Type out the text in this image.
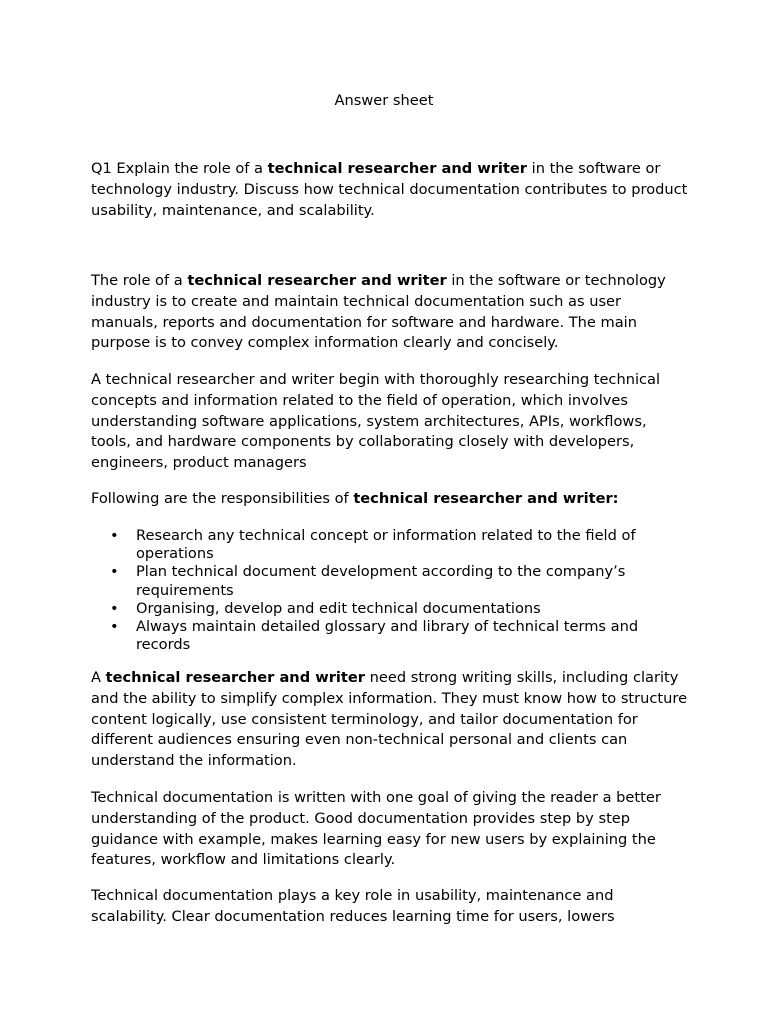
Answer sheet

Q1 Explain the role of a technical researcher and writer in the software or technology industry. Discuss how technical documentation contributes to product usability, maintenance, and scalability.

The role of a technical researcher and writer in the software or technology industry is to create and maintain technical documentation such as user manuals, reports and documentation for software and hardware. The main purpose is to convey complex information clearly and concisely.

A technical researcher and writer begin with thoroughly researching technical concepts and information related to the field of operation, which involves understanding software applications, system architectures, APIs, workflows, tools, and hardware components by collaborating closely with developers, engineers, product managers

Following are the responsibilities of technical researcher and writer:

• Research any technical concept or information related to the field of operations
• Plan technical document development according to the company’s requirements
• Organising, develop and edit technical documentations
• Always maintain detailed glossary and library of technical terms and records

A technical researcher and writer need strong writing skills, including clarity and the ability to simplify complex information. They must know how to structure content logically, use consistent terminology, and tailor documentation for different audiences ensuring even non-technical personal and clients can understand the information.

Technical documentation is written with one goal of giving the reader a better understanding of the product. Good documentation provides step by step guidance with example, makes learning easy for new users by explaining the features, workflow and limitations clearly.

Technical documentation plays a key role in usability, maintenance and scalability. Clear documentation reduces learning time for users, lowers
